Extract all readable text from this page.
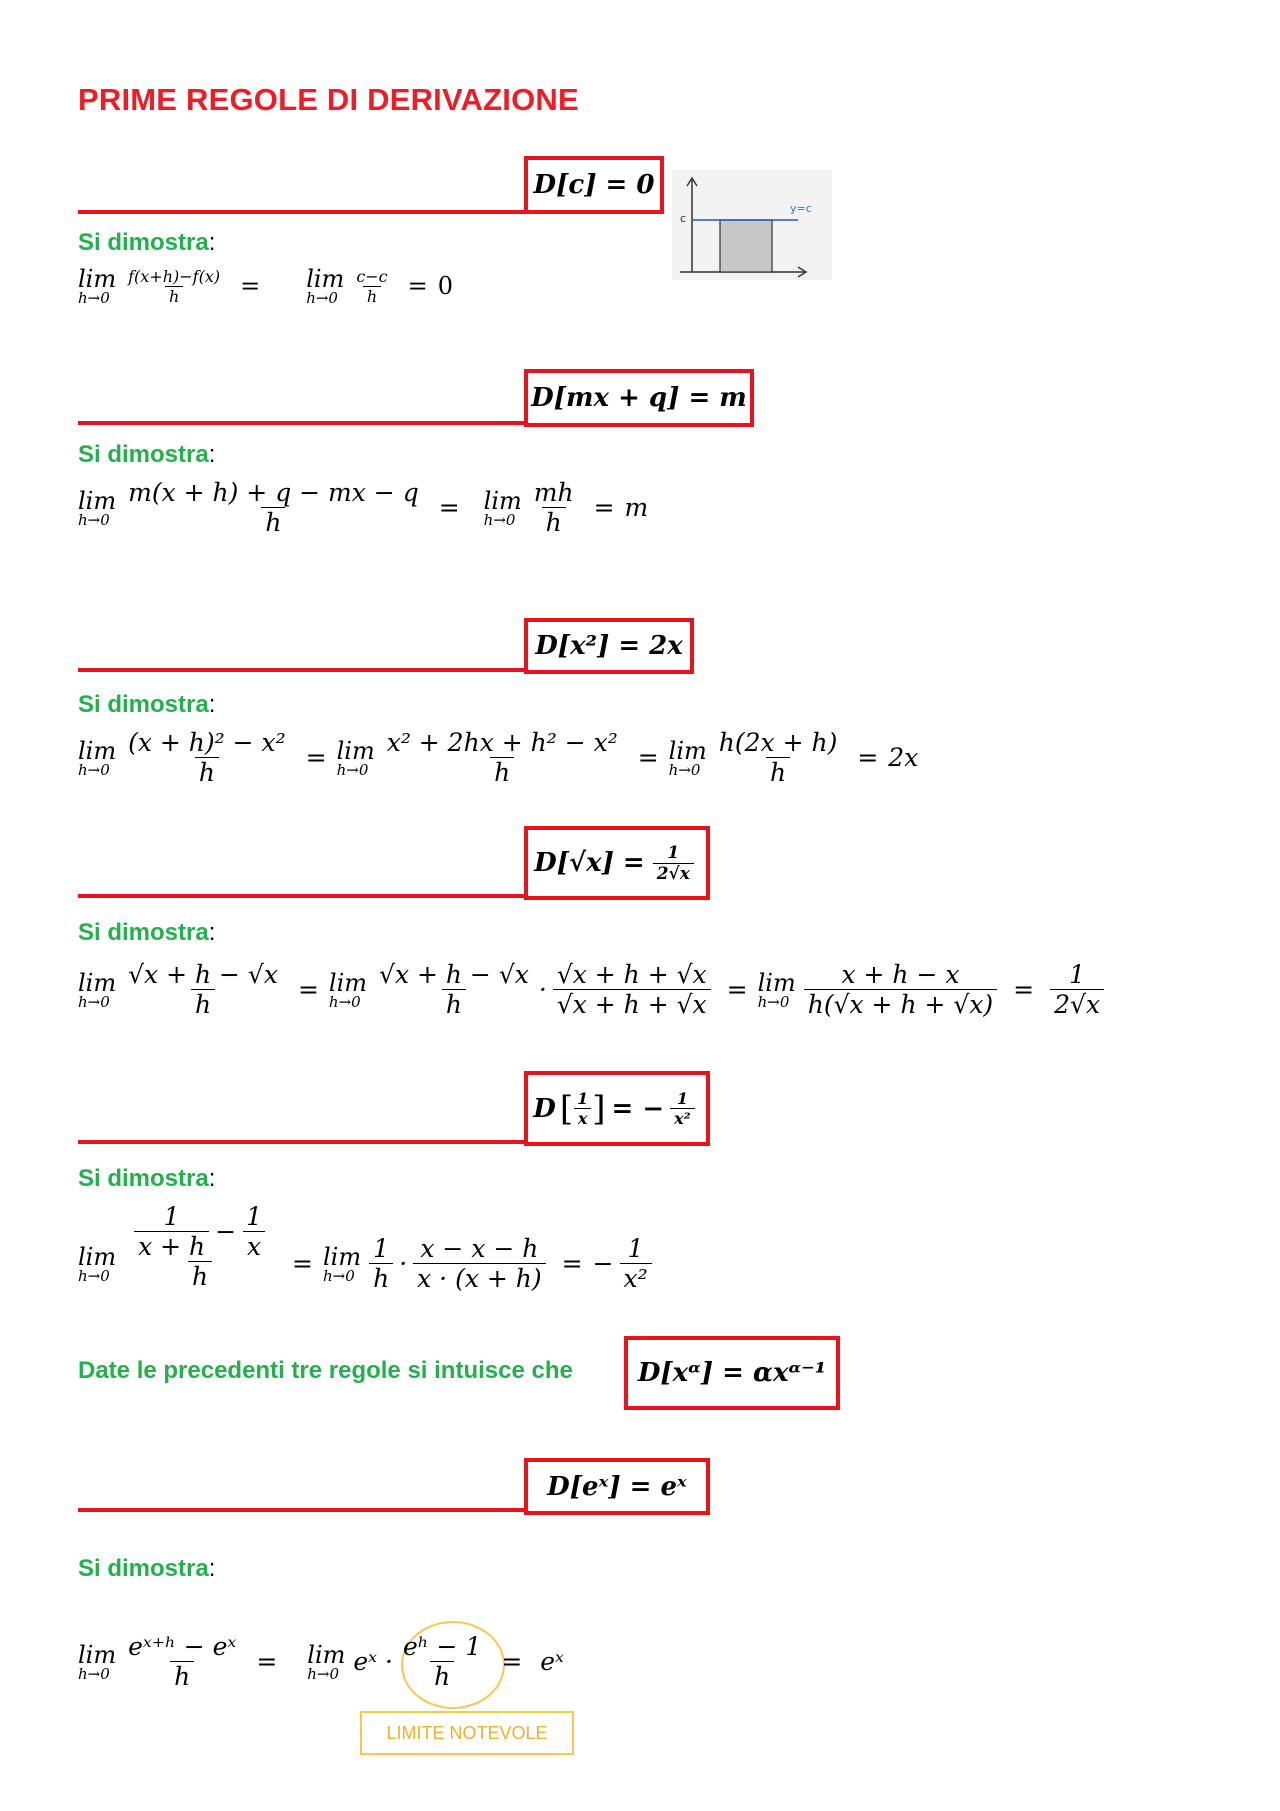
PRIME REGOLE DI DERIVAZIONE
D[c] = 0
c
y=c
Si dimostra:
lim
$h\to 0 \frac{f(x+h)-f(x)}{h} = \lim$
$h\to 0 \frac{c-c}{h} = 0$
D[mx + q] = m
Si dimostra:
lim
$h\to 0 \frac{m(x + h) + q - mx - q}{h} = \lim$
$h\to 0 \frac{mh}{h} = m$
D[x²] = 2x
Si dimostra:
lim
$h\to 0 \frac{\text{(x + h)² − x²}}{h} = \lim$
$h\to 0 \frac{\text{x² + 2hx + h² − x²}}{h} = \lim$
$h\to 0 \frac{h(2x + h)}{h} = 2x$
$D[√x] = \frac{1}{2√x}$
Si dimostra:
lim
$h\to 0 \frac{√x + h - √x}{h} = \lim$
$h\to 0 \frac{√x + h - √x}{h} \cdot \frac{√x + h + √x}{√x + h + √x} = \lim$
$h\to 0 \frac{x + h - x}{h(√x + h + √x)} = \frac{1}{2√x}$
D [ $\frac{1}{x}$ ] = − $\frac{1}{\text{x²}}$
Si dimostra:
lim
$h\to 0 \frac{\frac{1}{x + h} - \frac{1}{x}}{h} = \lim$
$h\to 0 \frac{1}{h} \cdot \frac{x - x - h}{x \cdot (x + h)}$ = − $\frac{1}{\text{x²}}$
Date le precedenti tre regole si intuisce che	D[xᵅ] = αxᵅ⁻¹
D[eˣ] = eˣ
Si dimostra:
lim
$h\to 0 \frac{\text{eˣ⁺ʰ − eˣ}}{h} = \lim$
h→0 eˣ · $\frac{\text{eʰ − 1}}{h}$ = eˣ
LIMITE NOTEVOLE
